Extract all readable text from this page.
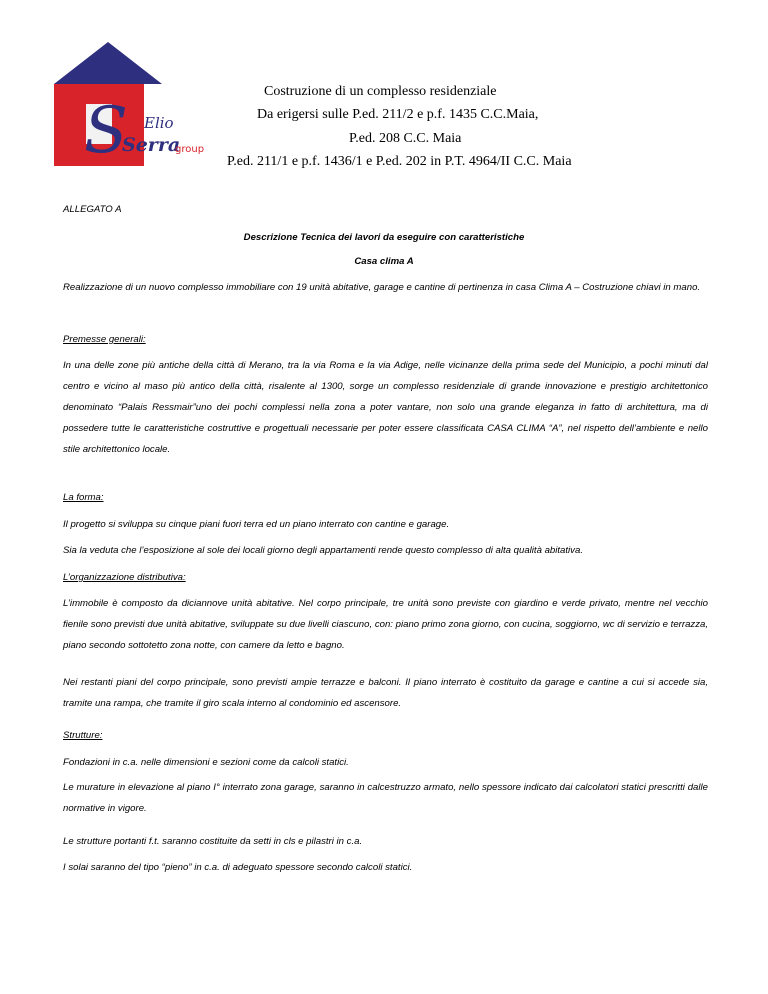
S Elio
Serra
group
Costruzione di un complesso residenziale
Da erigersi sulle P.ed. 211/2 e p.f. 1435 C.C.Maia,
P.ed. 208 C.C. Maia
P.ed. 211/1 e p.f. 1436/1 e P.ed. 202 in P.T. 4964/II C.C. Maia

ALLEGATO A

Descrizione Tecnica dei lavori da eseguire con caratteristiche

Casa clima A

Realizzazione di un nuovo complesso immobiliare con 19 unità abitative, garage e cantine di pertinenza in casa Clima A – Costruzione chiavi in mano.

Premesse generali:

In una delle zone più antiche della città di Merano, tra la via Roma e la via Adige, nelle vicinanze della prima sede del Municipio, a pochi minuti dal centro e vicino al maso più antico della città, risalente al 1300, sorge un complesso residenziale di grande innovazione e prestigio architettonico denominato “Palais Ressmair”uno dei pochi complessi nella zona a poter vantare, non solo una grande eleganza in fatto di architettura, ma di possedere tutte le caratteristiche costruttive e progettuali necessarie per poter essere classificata CASA CLIMA “A”, nel rispetto dell’ambiente e nello stile architettonico locale.

La forma:

Il progetto si sviluppa su cinque piani fuori terra ed un piano interrato con cantine e garage.

Sia la veduta che l’esposizione al sole dei locali giorno degli appartamenti rende questo complesso di alta qualità abitativa.

L’organizzazione distributiva:

L’immobile è composto da diciannove unità abitative. Nel corpo principale, tre unità sono previste con giardino e verde privato, mentre nel vecchio fienile sono previsti due unità abitative, sviluppate su due livelli ciascuno, con: piano primo zona giorno, con cucina, soggiorno, wc di servizio e terrazza, piano secondo sottotetto zona notte, con camere da letto e bagno.

Nei restanti piani del corpo principale, sono previsti ampie terrazze e balconi. Il piano interrato è costituito da garage e cantine a cui si accede sia, tramite una rampa, che tramite il giro scala interno al condominio ed ascensore.

Strutture:

Fondazioni in c.a. nelle dimensioni e sezioni come da calcoli statici.

Le murature in elevazione al piano I° interrato zona garage, saranno in calcestruzzo armato, nello spessore indicato dai calcolatori statici prescritti dalle normative in vigore.

Le strutture portanti f.t. saranno costituite da setti in cls e pilastri in c.a.

I solai saranno del tipo “pieno” in c.a. di adeguato spessore secondo calcoli statici.
